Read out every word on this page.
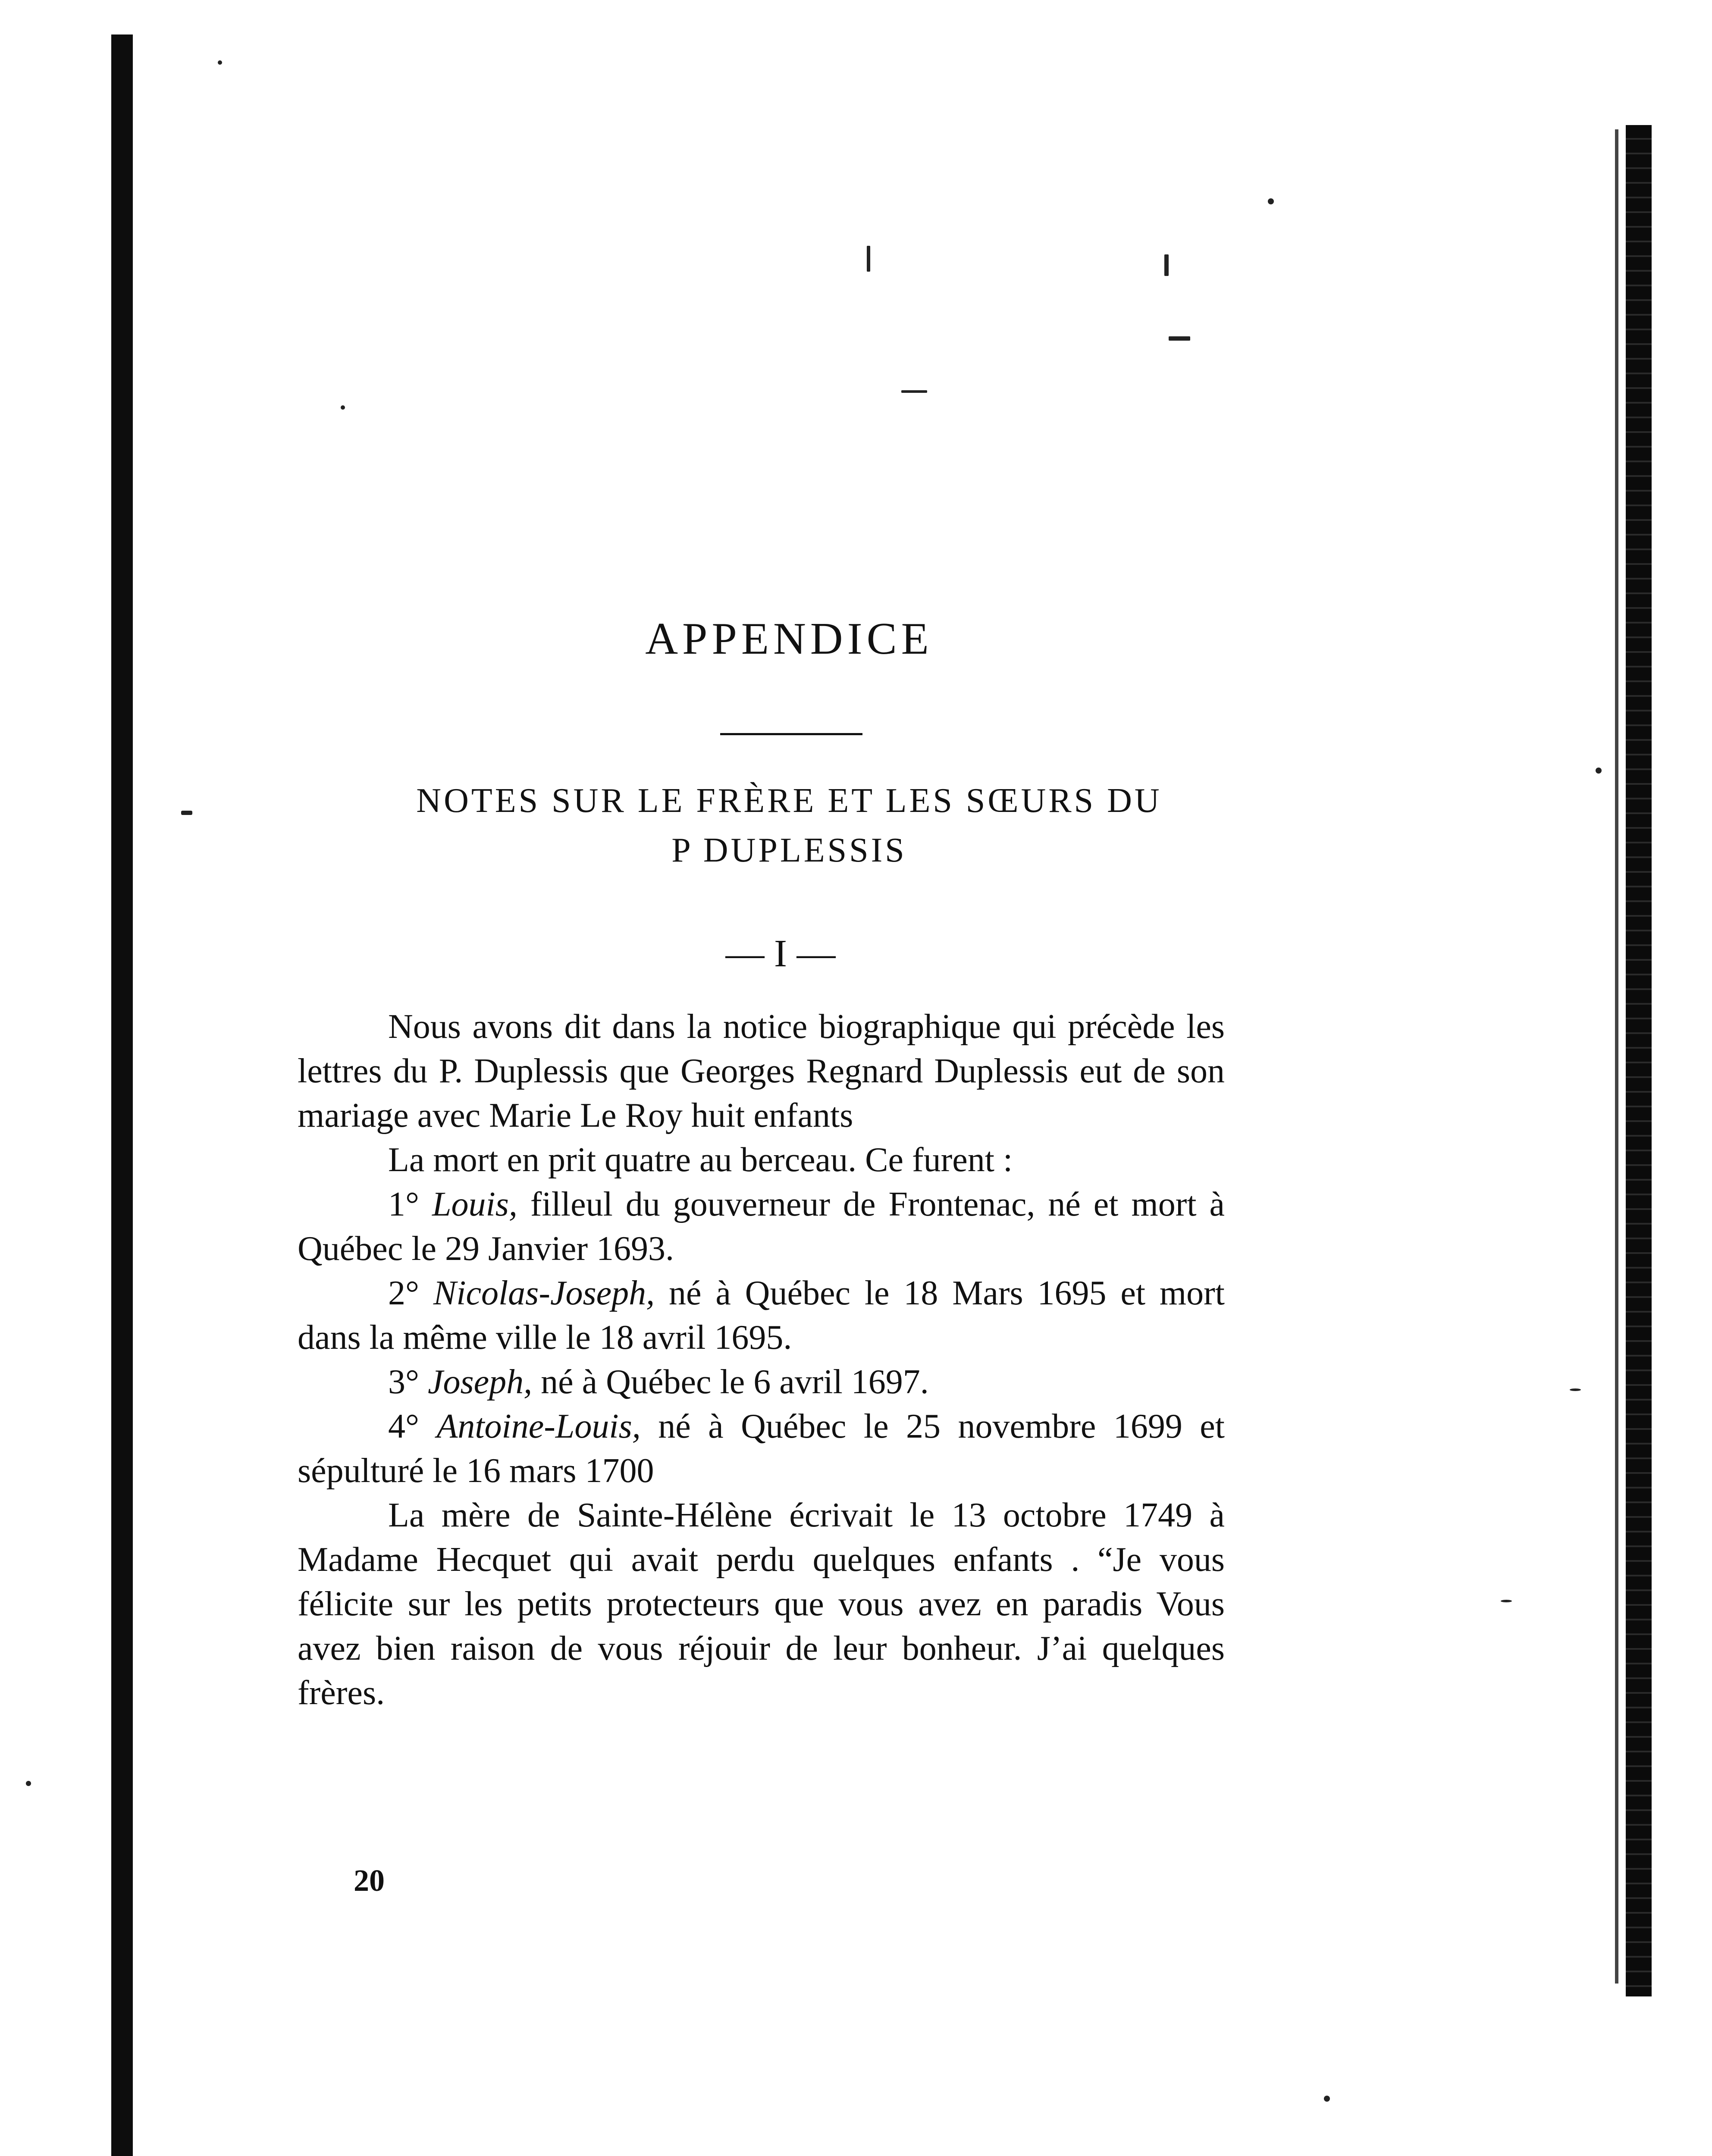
APPENDICE
NOTES SUR LE FRÈRE ET LES SŒURS DU
P DUPLESSIS
— I —

Nous avons dit dans la notice biographique qui précède les lettres du P. Duplessis que Georges Regnard Duplessis eut de son mariage avec Marie Le Roy huit enfants

La mort en prit quatre au berceau. Ce furent :

1° Louis, filleul du gouverneur de Frontenac, né et mort à Québec le 29 Janvier 1693.

2° Nicolas-Joseph, né à Québec le 18 Mars 1695 et mort dans la même ville le 18 avril 1695.

3° Joseph, né à Québec le 6 avril 1697.

4° Antoine-Louis, né à Québec le 25 novembre 1699 et sépulturé le 16 mars 1700

La mère de Sainte-Hélène écrivait le 13 octobre 1749 à Madame Hecquet qui avait perdu quelques enfants . “Je vous félicite sur les petits protecteurs que vous avez en paradis Vous avez bien raison de vous réjouir de leur bonheur. J’ai quelques frères.

20
